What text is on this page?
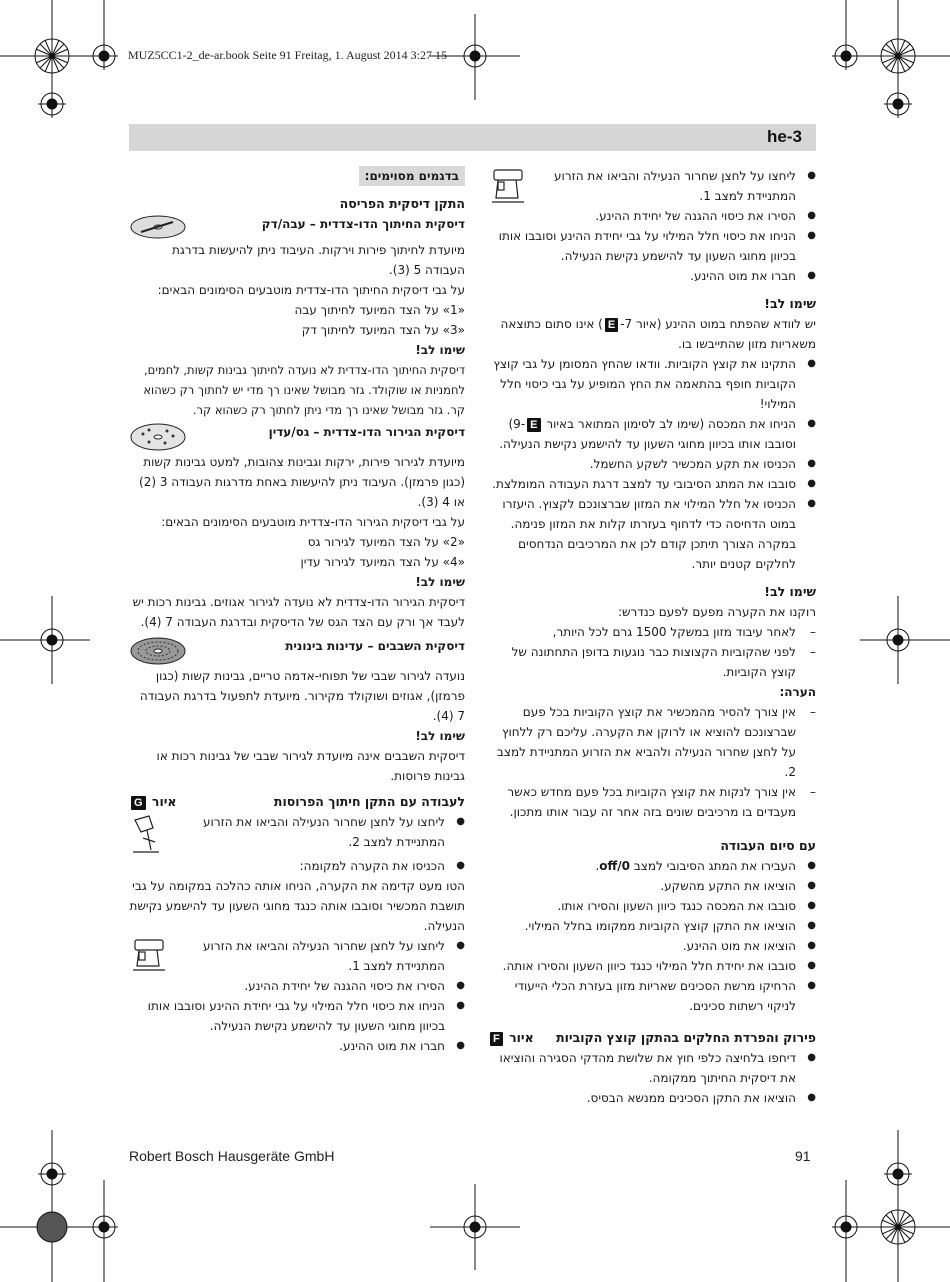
MUZ5CC1-2_de-ar.book Seite 91 Freitag, 1. August 2014 3:27 15
he-3
● ליחצו על לחצן שחרור הנעילה והביאו את הזרוע המתניידת למצב 1.
● הסירו את כיסוי ההגנה של יחידת ההינע.
● הניחו את כיסוי חלל המילוי על גבי יחידת ההינע וסובבו אותו בכיוון מחוגי השעון עד להישמע נקישת הנעילה.
● חברו את מוט ההינע.

שימו לב!

יש לוודא שהפתח במוט ההינע (איור 7-E) אינו סתום כתוצאה משאריות מזון שהתייבשו בו.

● התקינו את קוצץ הקוביות. וודאו שהחץ המסומן על גבי קוצץ הקוביות חופף בהתאמה את החץ המופיע על גבי כיסוי חלל המילוי!
● הניחו את המכסה (שימו לב לסימון המתואר באיור E-9) וסובבו אותו בכיוון מחוגי השעון עד להישמע נקישת הנעילה.
● הכניסו את תקע המכשיר לשקע החשמל.
● סובבו את המתג הסיבובי עד למצב דרגת העבודה המומלצת.
● הכניסו אל חלל המילוי את המזון שברצונכם לקצוץ. היעזרו במוט הדחיסה כדי לדחוף בעזרתו קלות את המזון פנימה. במקרה הצורך תיתכן קודם לכן את המרכיבים הנדחסים לחלקים קטנים יותר.

שימו לב!

רוקנו את הקערה מפעם לפעם כנדרש:

– לאחר עיבוד מזון במשקל 1500 גרם לכל היותר,
– לפני שהקוביות הקצוצות כבר נוגעות בדופן התחתונה של קוצץ הקוביות.

הערה:

– אין צורך להסיר מהמכשיר את קוצץ הקוביות בכל פעם שברצונכם להוציא או לרוקן את הקערה. עליכם רק ללחוץ על לחצן שחרור הנעילה ולהביא את הזרוע המתניידת למצב 2.
– אין צורך לנקות את קוצץ הקוביות בכל פעם מחדש כאשר מעבדים בו מרכיבים שונים בזה אחר זה עבור אותו מתכון.

עם סיום העבודה

● העבירו את המתג הסיבובי למצב off/0.
● הוציאו את התקע מהשקע.
● סובבו את המכסה כנגד כיוון השעון והסירו אותו.
● הוציאו את התקן קוצץ הקוביות ממקומו בחלל המילוי.
● הוציאו את מוט ההינע.
● סובבו את יחידת חלל המילוי כנגד כיוון השעון והסירו אותה.
● הרחיקו מרשת הסכינים שאריות מזון בעזרת הכלי הייעודי לניקוי רשתות סכינים.
פירוק והפרדת החלקים בהתקן קוצץ הקוביות
איור F
● דיחפו בלחיצה כלפי חוץ את שלושת מהדקי הסגירה והוציאו את דיסקית החיתוך ממקומה.
● הוציאו את התקן הסכינים ממנשא הבסיס.

בדגמים מסוימים:

התקן דיסקית הפריסה

דיסקית החיתוך הדו-צדדית – עבה/דק

מיועדת לחיתוך פירות וירקות. העיבוד ניתן להיעשות בדרגת העבודה 5 (3).

על גבי דיסקית החיתוך הדו-צדדית מוטבעים הסימונים הבאים:

«1» על הצד המיועד לחיתוך עבה

«3» על הצד המיועד לחיתוך דק

שימו לב!

דיסקית החיתוך הדו-צדדית לא נועדה לחיתוך גבינות קשות, לחמים, לחמניות או שוקולד. גזר מבושל שאינו רך מדי יש לחתוך רק כשהוא קר. גזר מבושל שאינו רך מדי ניתן לחתוך רק כשהוא קר.

דיסקית הגירור הדו-צדדית – גס/עדין

מיועדת לגירור פירות, ירקות וגבינות צהובות, למעט גבינות קשות (כגון פרמזן). העיבוד ניתן להיעשות באחת מדרגות העבודה 3 (2) או 4 (3).

על גבי דיסקית הגירור הדו-צדדית מוטבעים הסימונים הבאים:

«2» על הצד המיועד לגירור גס

«4» על הצד המיועד לגירור עדין

שימו לב!

דיסקית הגירור הדו-צדדית לא נועדה לגירור אגוזים. גבינות רכות יש לעבד אך ורק עם הצד הגס של הדיסקית ובדרגת העבודה 7 (4).

דיסקית השבבים – עדינות בינונית

נועדה לגירור שבבי של תפוחי-אדמה טריים, גבינות קשות (כגון פרמזן), אגוזים ושוקולד מקירור. מיועדת לתפעול בדרגת העבודה 7 (4).

שימו לב!

דיסקית השבבים אינה מיועדת לגירור שבבי של גבינות רכות או גבינות פרוסות.

לעבודה עם התקן חיתוך הפרוסות
איור G
● ליחצו על לחצן שחרור הנעילה והביאו את הזרוע המתניידת למצב 2.
● הכניסו את הקערה למקומה:

הטו מעט קדימה את הקערה, הניחו אותה כהלכה במקומה על גבי תושבת המכשיר וסובבו אותה כנגד מחוגי השעון עד להישמע נקישת הנעילה.

● ליחצו על לחצן שחרור הנעילה והביאו את הזרוע המתניידת למצב 1.
● הסירו את כיסוי ההגנה של יחידת ההינע.
● הניחו את כיסוי חלל המילוי על גבי יחידת ההינע וסובבו אותו בכיוון מחוגי השעון עד להישמע נקישת הנעילה.
● חברו את מוט ההינע.
Robert Bosch Hausgeräte GmbH	91
